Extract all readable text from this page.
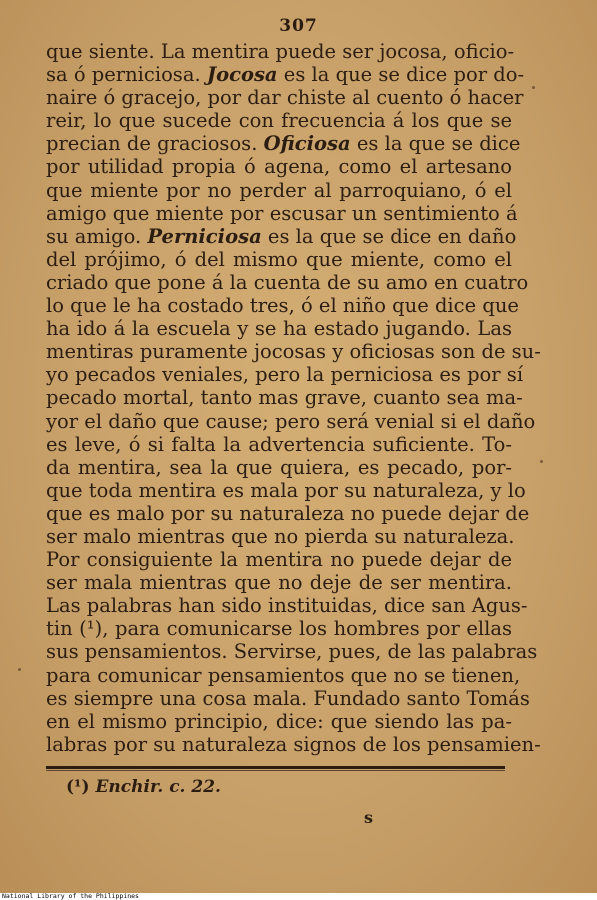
307
que siente. La mentira puede ser jocosa, oficio-
sa ó perniciosa. Jocosa es la que se dice por do-
naire ó gracejo, por dar chiste al cuento ó hacer
reir, lo que sucede con frecuencia á los que se
precian de graciosos. Oficiosa es la que se dice
por utilidad propia ó agena, como el artesano
que miente por no perder al parroquiano, ó el
amigo que miente por escusar un sentimiento á
su amigo. Perniciosa es la que se dice en daño
del prójimo, ó del mismo que miente, como el
criado que pone á la cuenta de su amo en cuatro
lo que le ha costado tres, ó el niño que dice que
ha ido á la escuela y se ha estado jugando. Las
mentiras puramente jocosas y oficiosas son de su-
yo pecados veniales, pero la perniciosa es por sí
pecado mortal, tanto mas grave, cuanto sea ma-
yor el daño que cause; pero será venial si el daño
es leve, ó si falta la advertencia suficiente. To-
da mentira, sea la que quiera, es pecado, por-
que toda mentira es mala por su naturaleza, y lo
que es malo por su naturaleza no puede dejar de
ser malo mientras que no pierda su naturaleza.
Por consiguiente la mentira no puede dejar de
ser mala mientras que no deje de ser mentira.
Las palabras han sido instituidas, dice san Agus-
tin (¹), para comunicarse los hombres por ellas
sus pensamientos. Servirse, pues, de las palabras
para comunicar pensamientos que no se tienen,
es siempre una cosa mala. Fundado santo Tomás
en el mismo principio, dice: que siendo las pa-
labras por su naturaleza signos de los pensamien-
(¹) Enchir. c. 22.
s
National Library of the Philippines
